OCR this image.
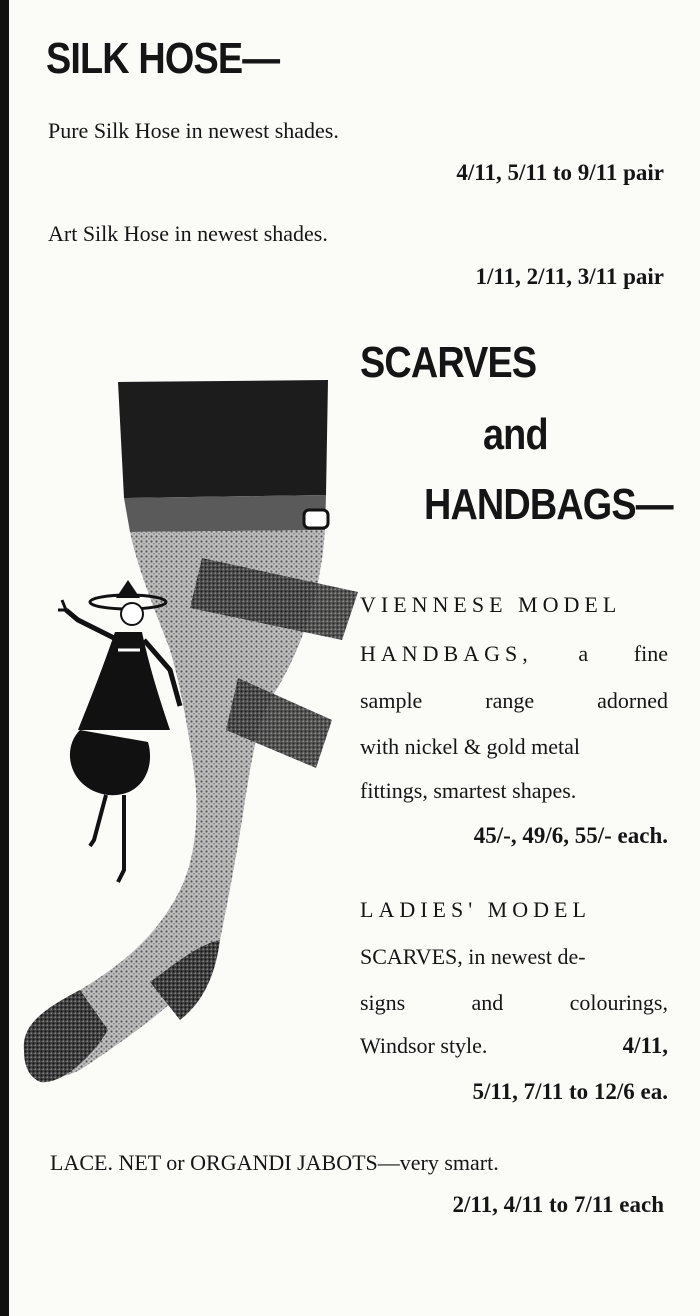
SILK HOSE—
Pure Silk Hose in newest shades.
4/11, 5/11 to 9/11 pair
Art Silk Hose in newest shades.
1/11, 2/11, 3/11 pair
SCARVES
and
HANDBAGS—
VIENNESE MODEL
HANDBAGS, a fine
sample	range	adorned
with nickel & gold metal
fittings, smartest shapes.
45/-, 49/6, 55/- each.
LADIES' MODEL
SCARVES, in newest de-
signs	and	colourings,
Windsor style.	4/11,
5/11, 7/11 to 12/6 ea.
LACE. NET or ORGANDI JABOTS—very smart.
2/11, 4/11 to 7/11 each
